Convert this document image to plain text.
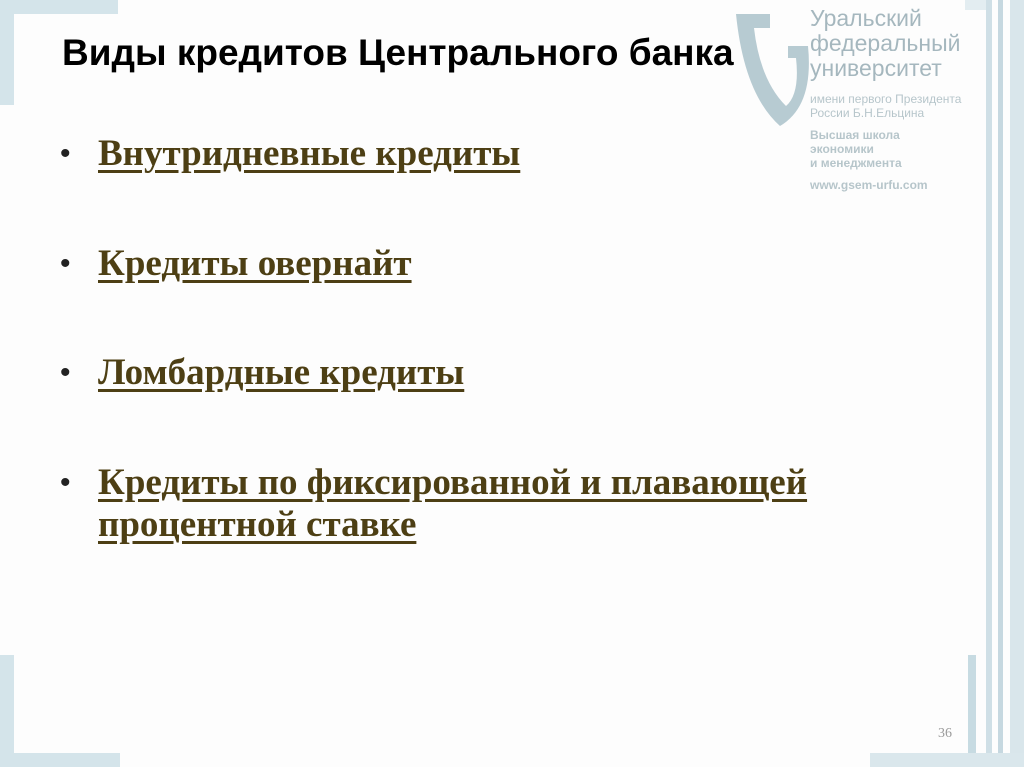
Уральский
федеральный
университет
имени первого Президента
России Б.Н.Ельцина
Высшая школа
экономики
и менеджмента
www.gsem-urfu.com
Виды кредитов Центрального банка
• Внутридневные кредиты
• Кредиты овернайт
• Ломбардные кредиты
• Кредиты по фиксированной и плавающей процентной ставке
36
